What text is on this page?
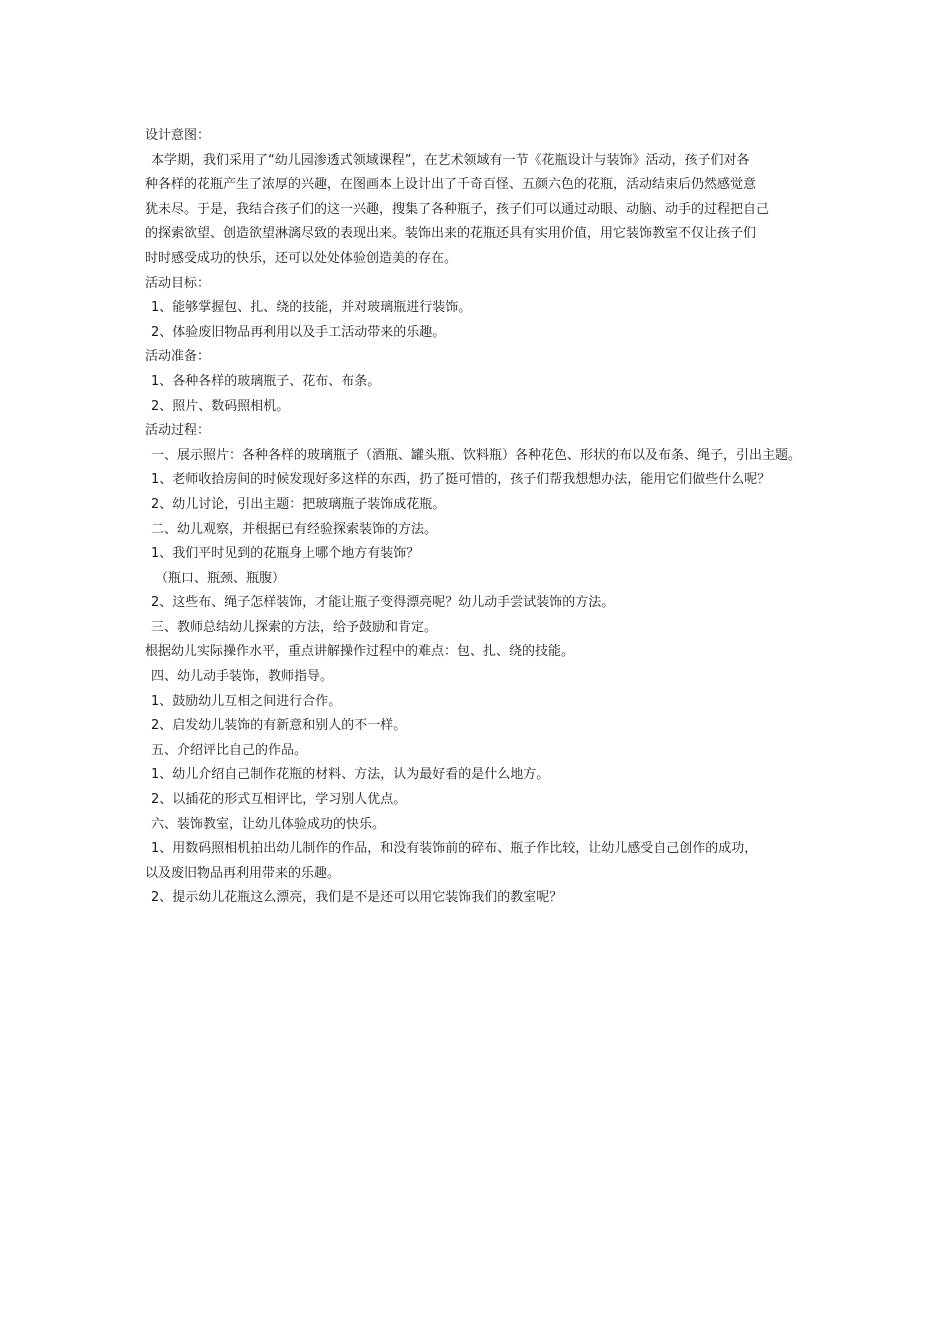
设计意图：
本学期，我们采用了“幼儿园渗透式领域课程”，在艺术领域有一节《花瓶设计与装饰》活动，孩子们对各
种各样的花瓶产生了浓厚的兴趣，在图画本上设计出了千奇百怪、五颜六色的花瓶，活动结束后仍然感觉意
犹未尽。于是，我结合孩子们的这一兴趣，搜集了各种瓶子，孩子们可以通过动眼、动脑、动手的过程把自己
的探索欲望、创造欲望淋漓尽致的表现出来。装饰出来的花瓶还具有实用价值，用它装饰教室不仅让孩子们
时时感受成功的快乐，还可以处处体验创造美的存在。
活动目标：
1、能够掌握包、扎、绕的技能，并对玻璃瓶进行装饰。
2、体验废旧物品再利用以及手工活动带来的乐趣。
活动准备：
1、各种各样的玻璃瓶子、花布、布条。
2、照片、数码照相机。
活动过程：
一、展示照片：各种各样的玻璃瓶子（酒瓶、罐头瓶、饮料瓶）各种花色、形状的布以及布条、绳子，引出主题。
1、老师收拾房间的时候发现好多这样的东西，扔了挺可惜的，孩子们帮我想想办法，能用它们做些什么呢？
2、幼儿讨论，引出主题：把玻璃瓶子装饰成花瓶。
二、幼儿观察，并根据已有经验探索装饰的方法。
1、我们平时见到的花瓶身上哪个地方有装饰？
（瓶口、瓶颈、瓶腹）
2、这些布、绳子怎样装饰，才能让瓶子变得漂亮呢？幼儿动手尝试装饰的方法。
三、教师总结幼儿探索的方法，给予鼓励和肯定。
根据幼儿实际操作水平，重点讲解操作过程中的难点：包、扎、绕的技能。
四、幼儿动手装饰，教师指导。
1、鼓励幼儿互相之间进行合作。
2、启发幼儿装饰的有新意和别人的不一样。
五、介绍评比自己的作品。
1、幼儿介绍自己制作花瓶的材料、方法，认为最好看的是什么地方。
2、以插花的形式互相评比，学习别人优点。
六、装饰教室，让幼儿体验成功的快乐。
1、用数码照相机拍出幼儿制作的作品，和没有装饰前的碎布、瓶子作比较，让幼儿感受自己创作的成功，
以及废旧物品再利用带来的乐趣。
2、提示幼儿花瓶这么漂亮，我们是不是还可以用它装饰我们的教室呢？
